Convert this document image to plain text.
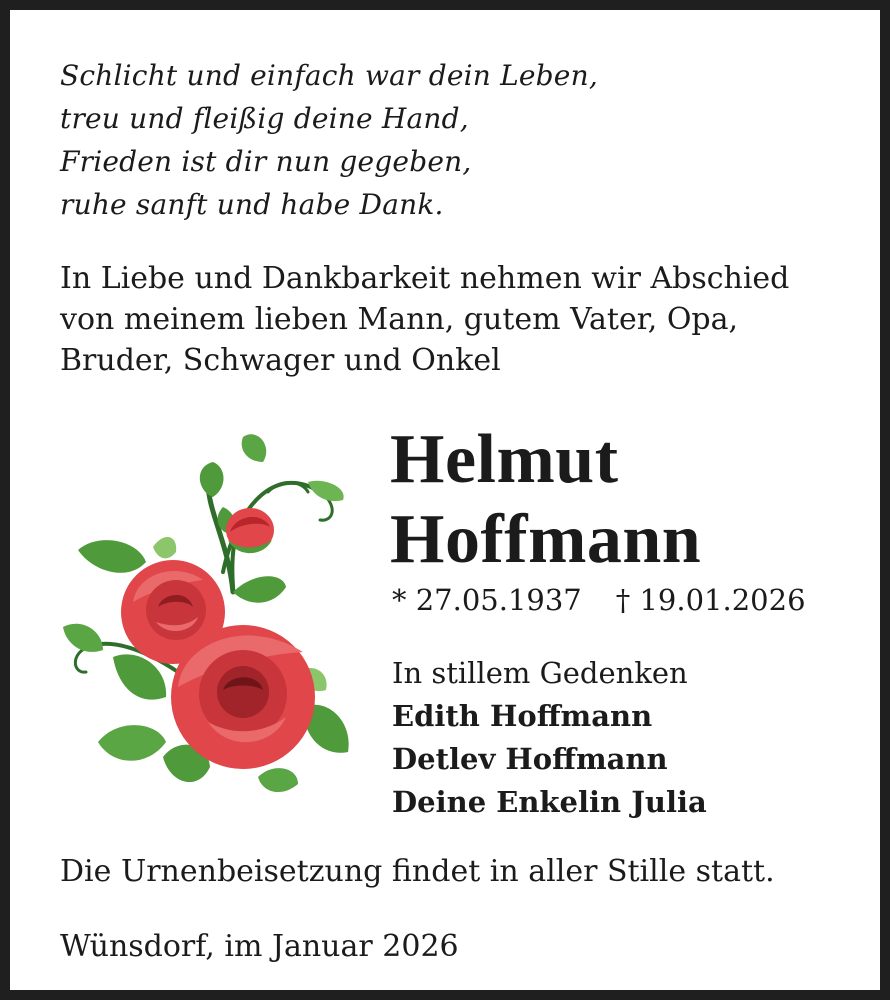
Schlicht und einfach war dein Leben,
treu und fleißig deine Hand,
Frieden ist dir nun gegeben,
ruhe sanft und habe Dank.
In Liebe und Dankbarkeit nehmen wir Abschied
von meinem lieben Mann, gutem Vater, Opa,
Bruder, Schwager und Onkel
Helmut
Hoffmann
* 27.05.1937 † 19.01.2026
In stillem Gedenken
Edith Hoffmann
Detlev Hoffmann
Deine Enkelin Julia
Die Urnenbeisetzung findet in aller Stille statt.
Wünsdorf, im Januar 2026
